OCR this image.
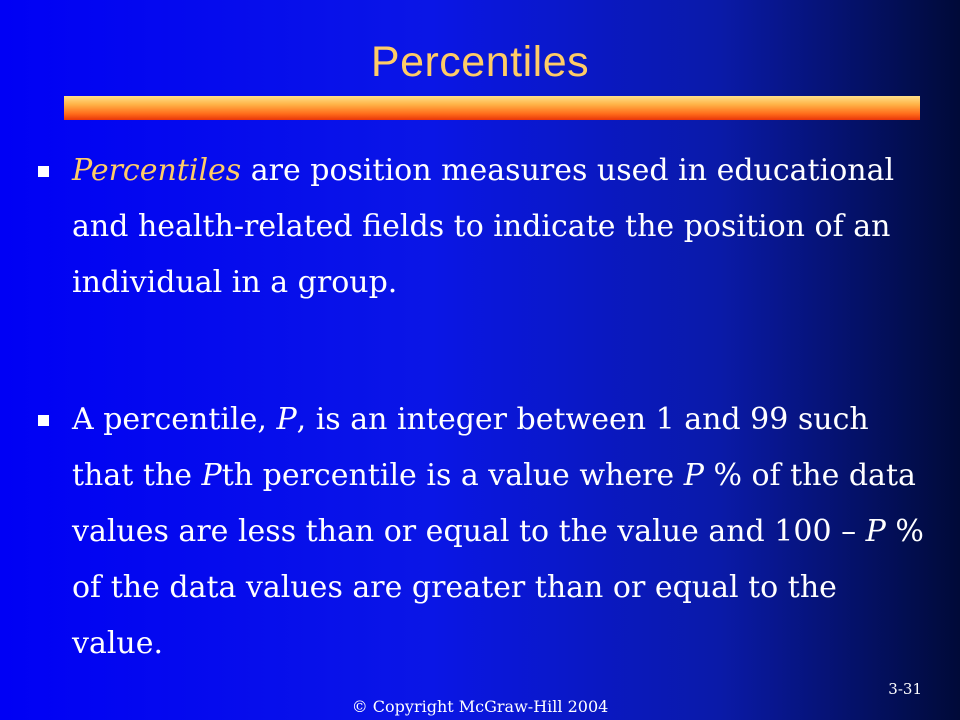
Percentiles
Percentiles are position measures used in educational and health-related fields to indicate the position of an individual in a group.
A percentile, P, is an integer between 1 and 99 such that the Pth percentile is a value where P % of the data values are less than or equal to the value and 100 – P % of the data values are greater than or equal to the value.
3-31
© Copyright McGraw-Hill 2004
